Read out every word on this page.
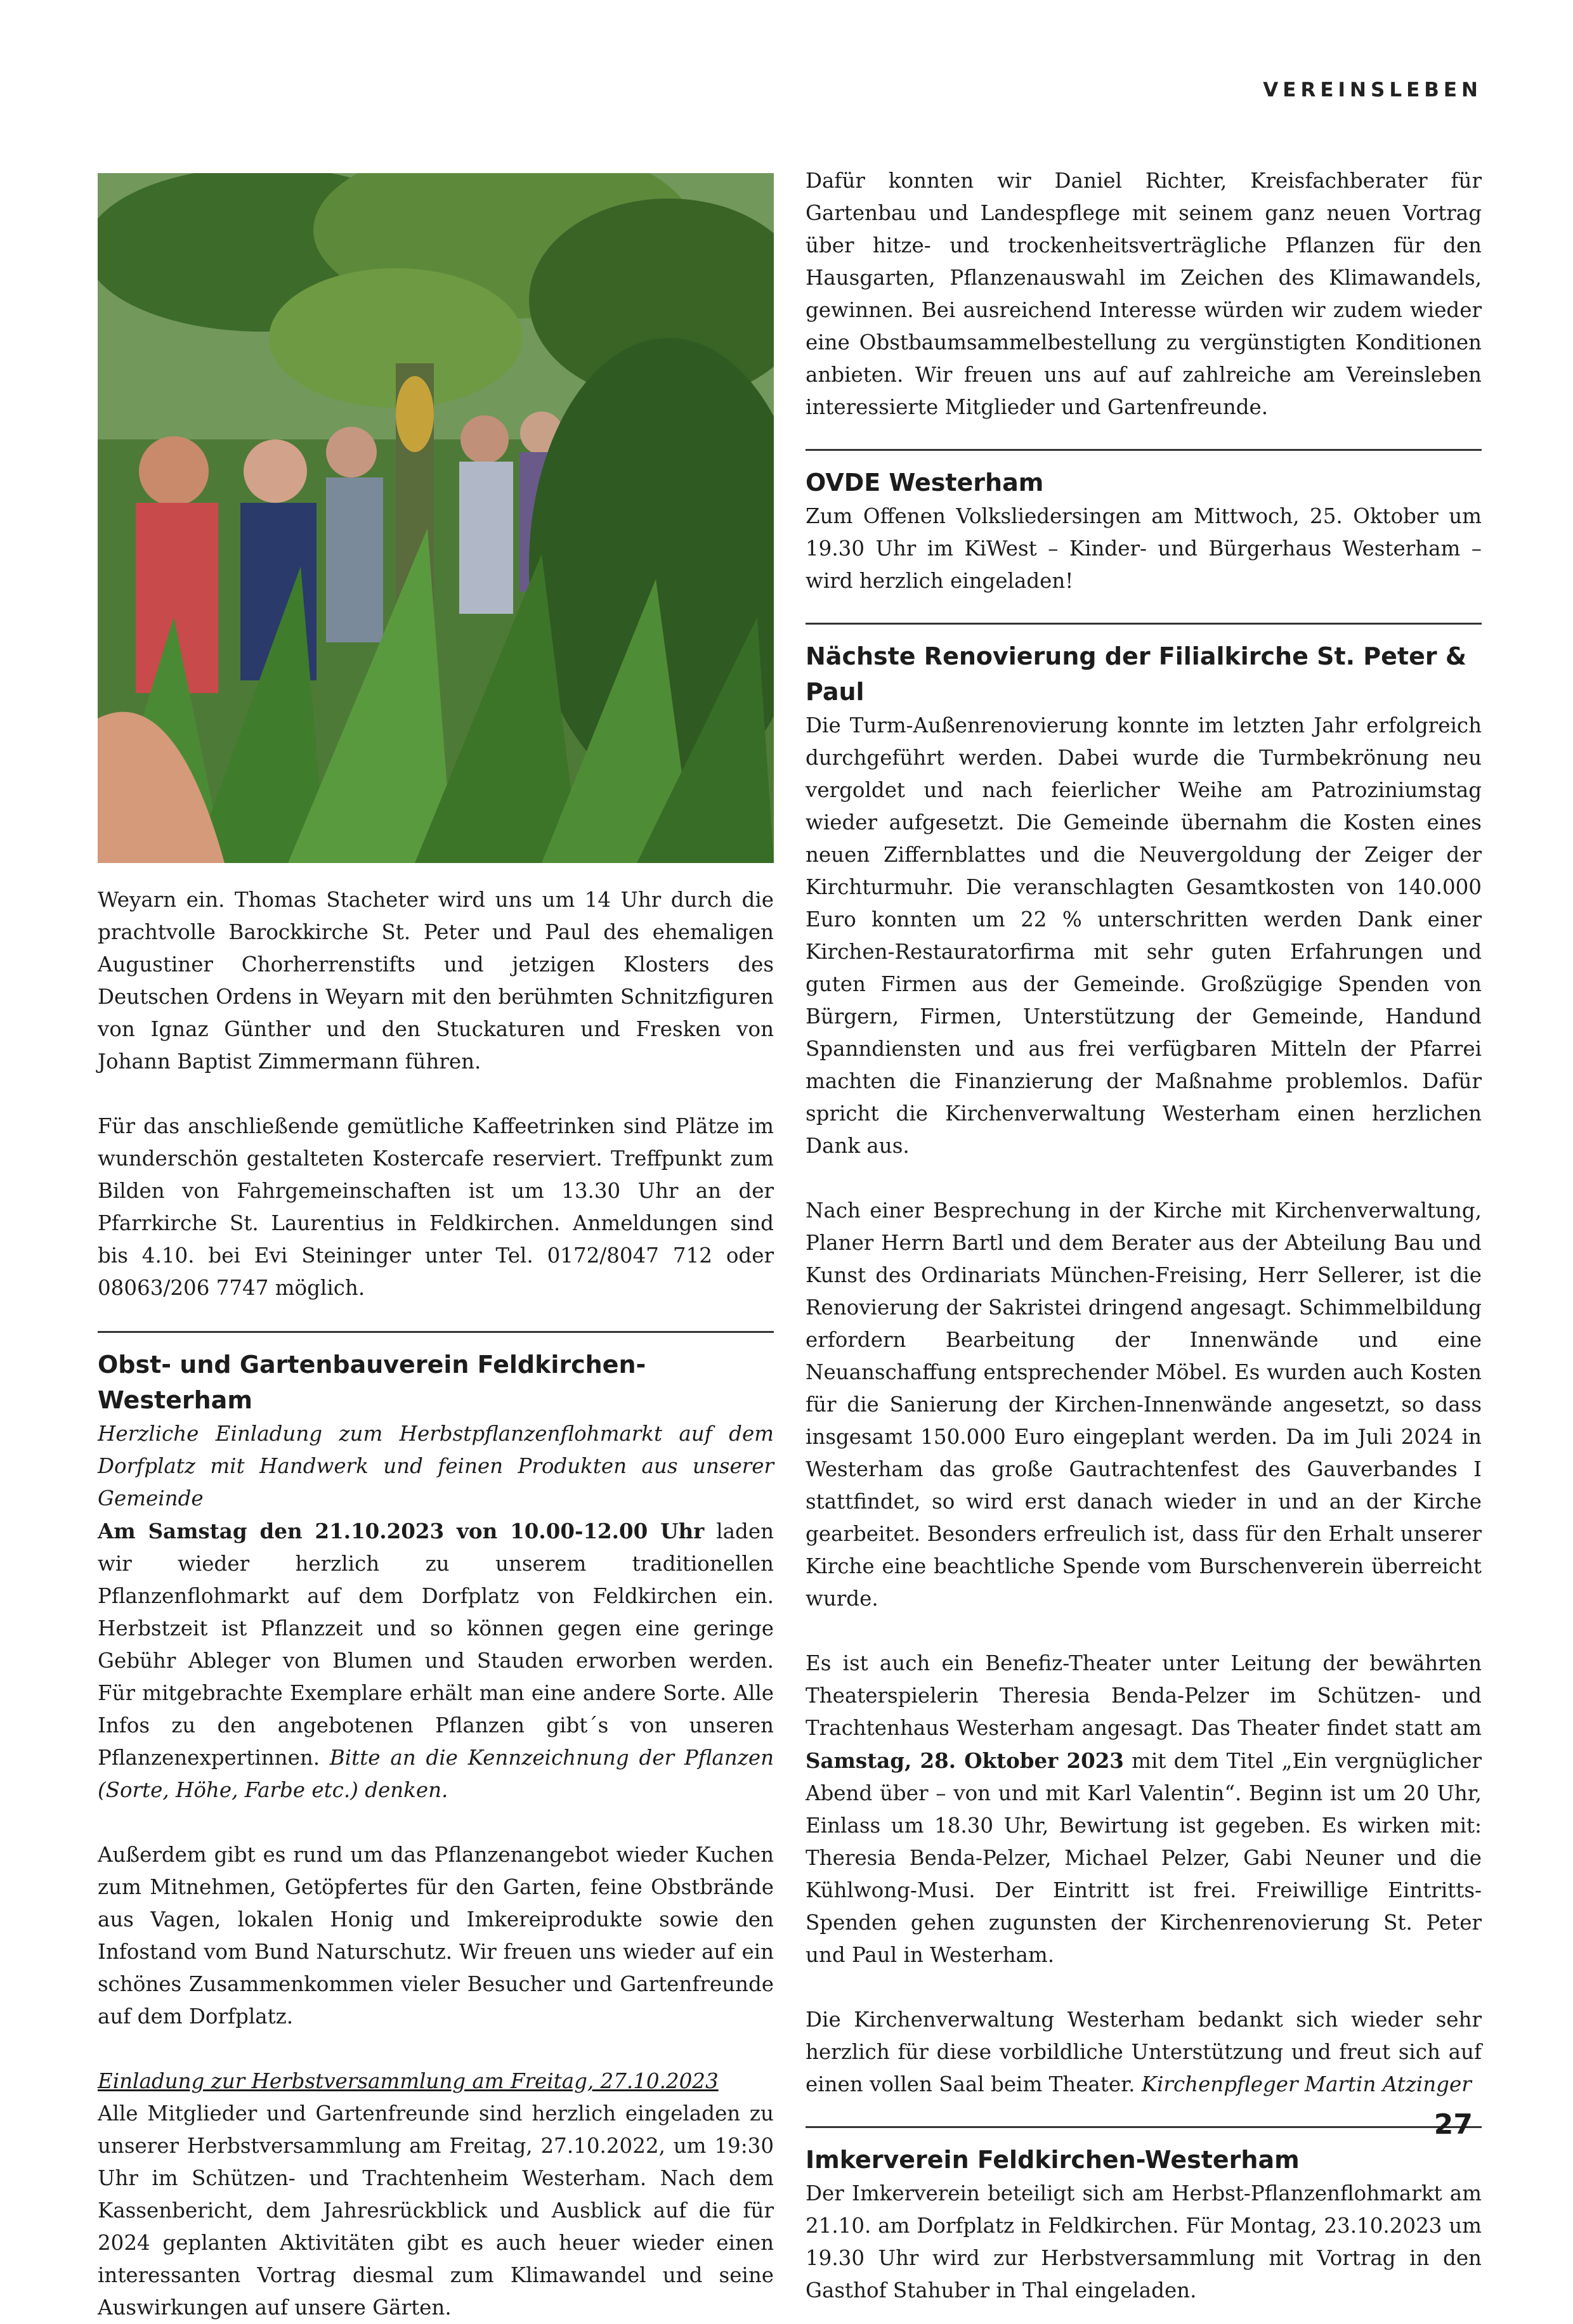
VEREINSLEBEN

Weyarn ein. Thomas Stacheter wird uns um 14 Uhr durch die prachtvolle Barockkirche St. Peter und Paul des ehemaligen Augustiner Chorherrenstifts und jetzigen Klosters des Deutschen Ordens in Weyarn mit den berühmten Schnitzfiguren von Ignaz Günther und den Stuckaturen und Fresken von Johann Baptist Zimmermann führen.

Für das anschließende gemütliche Kaffeetrinken sind Plätze im wunderschön gestalteten Kostercafe reserviert. Treffpunkt zum Bilden von Fahrgemeinschaften ist um 13.30 Uhr an der Pfarrkirche St. Laurentius in Feldkirchen. Anmeldungen sind bis 4.10. bei Evi Steininger unter Tel. 0172/8047 712 oder 08063/206 7747 möglich.

Obst- und Gartenbauverein Feldkirchen-Westerham

Herzliche Einladung zum Herbstpflanzenflohmarkt auf dem Dorfplatz mit Handwerk und feinen Produkten aus unserer Gemeinde

Am Samstag den 21.10.2023 von 10.00-12.00 Uhr laden wir wieder herzlich zu unserem traditionellen Pflanzenflohmarkt auf dem Dorfplatz von Feldkirchen ein. Herbstzeit ist Pflanzzeit und so können gegen eine geringe Gebühr Ableger von Blumen und Stauden erworben werden. Für mitgebrachte Exemplare erhält man eine andere Sorte. Alle Infos zu den angebotenen Pflanzen gibt´s von unseren Pflanzenexpertinnen. Bitte an die Kennzeichnung der Pflanzen (Sorte, Höhe, Farbe etc.) denken.

Außerdem gibt es rund um das Pflanzenangebot wieder Kuchen zum Mitnehmen, Getöpfertes für den Garten, feine Obstbrände aus Vagen, lokalen Honig und Imkereiprodukte sowie den Infostand vom Bund Naturschutz. Wir freuen uns wieder auf ein schönes Zusammenkommen vieler Besucher und Gartenfreunde auf dem Dorfplatz.

Einladung zur Herbstversammlung am Freitag, 27.10.2023

Alle Mitglieder und Gartenfreunde sind herzlich eingeladen zu unserer Herbstversammlung am Freitag, 27.10.2022, um 19:30 Uhr im Schützen- und Trachtenheim Westerham. Nach dem Kassenbericht, dem Jahresrückblick und Ausblick auf die für 2024 geplanten Aktivitäten gibt es auch heuer wieder einen interessanten Vortrag diesmal zum Klimawandel und seine Auswirkungen auf unsere Gärten.

Dafür konnten wir Daniel Richter, Kreisfachberater für Gartenbau und Landespflege mit seinem ganz neuen Vortrag über hitze- und trockenheitsverträgliche Pflanzen für den Hausgarten, Pflanzenauswahl im Zeichen des Klimawandels, gewinnen. Bei ausreichend Interesse würden wir zudem wieder eine Obstbaumsammelbestellung zu vergünstigten Konditionen anbieten. Wir freuen uns auf auf zahlreiche am Vereinsleben interessierte Mitglieder und Gartenfreunde.

OVDE Westerham

Zum Offenen Volksliedersingen am Mittwoch, 25. Oktober um 19.30 Uhr im KiWest – Kinder- und Bürgerhaus Westerham – wird herzlich eingeladen!

Nächste Renovierung der Filialkirche St. Peter & Paul

Die Turm-Außenrenovierung konnte im letzten Jahr erfolgreich durchgeführt werden. Dabei wurde die Turmbekrönung neu vergoldet und nach feierlicher Weihe am Patroziniumstag wieder aufgesetzt. Die Gemeinde übernahm die Kosten eines neuen Ziffernblattes und die Neuvergoldung der Zeiger der Kirchturmuhr. Die veranschlagten Gesamtkosten von 140.000 Euro konnten um 22 % unterschritten werden Dank einer Kirchen-Restauratorfirma mit sehr guten Erfahrungen und guten Firmen aus der Gemeinde. Großzügige Spenden von Bürgern, Firmen, Unterstützung der Gemeinde, Handund Spanndiensten und aus frei verfügbaren Mitteln der Pfarrei machten die Finanzierung der Maßnahme problemlos. Dafür spricht die Kirchenverwaltung Westerham einen herzlichen Dank aus.

Nach einer Besprechung in der Kirche mit Kirchenverwaltung, Planer Herrn Bartl und dem Berater aus der Abteilung Bau und Kunst des Ordinariats München-Freising, Herr Sellerer, ist die Renovierung der Sakristei dringend angesagt. Schimmelbildung erfordern Bearbeitung der Innenwände und eine Neuanschaffung entsprechender Möbel. Es wurden auch Kosten für die Sanierung der Kirchen-Innenwände angesetzt, so dass insgesamt 150.000 Euro eingeplant werden. Da im Juli 2024 in Westerham das große Gautrachtenfest des Gauverbandes I stattfindet, so wird erst danach wieder in und an der Kirche gearbeitet. Besonders erfreulich ist, dass für den Erhalt unserer Kirche eine beachtliche Spende vom Burschenverein überreicht wurde.

Es ist auch ein Benefiz-Theater unter Leitung der bewährten Theaterspielerin Theresia Benda-Pelzer im Schützen- und Trachtenhaus Westerham angesagt. Das Theater findet statt am Samstag, 28. Oktober 2023 mit dem Titel „Ein vergnüglicher Abend über – von und mit Karl Valentin“. Beginn ist um 20 Uhr, Einlass um 18.30 Uhr, Bewirtung ist gegeben. Es wirken mit: Theresia Benda-Pelzer, Michael Pelzer, Gabi Neuner und die Kühlwong-Musi. Der Eintritt ist frei. Freiwillige Eintritts-Spenden gehen zugunsten der Kirchenrenovierung St. Peter und Paul in Westerham.

Die Kirchenverwaltung Westerham bedankt sich wieder sehr herzlich für diese vorbildliche Unterstützung und freut sich auf einen vollen Saal beim Theater. Kirchenpfleger Martin Atzinger

Imkerverein Feldkirchen-Westerham

Der Imkerverein beteiligt sich am Herbst-Pflanzenflohmarkt am 21.10. am Dorfplatz in Feldkirchen. Für Montag, 23.10.2023 um 19.30 Uhr wird zur Herbstversammlung mit Vortrag in den Gasthof Stahuber in Thal eingeladen.

27
